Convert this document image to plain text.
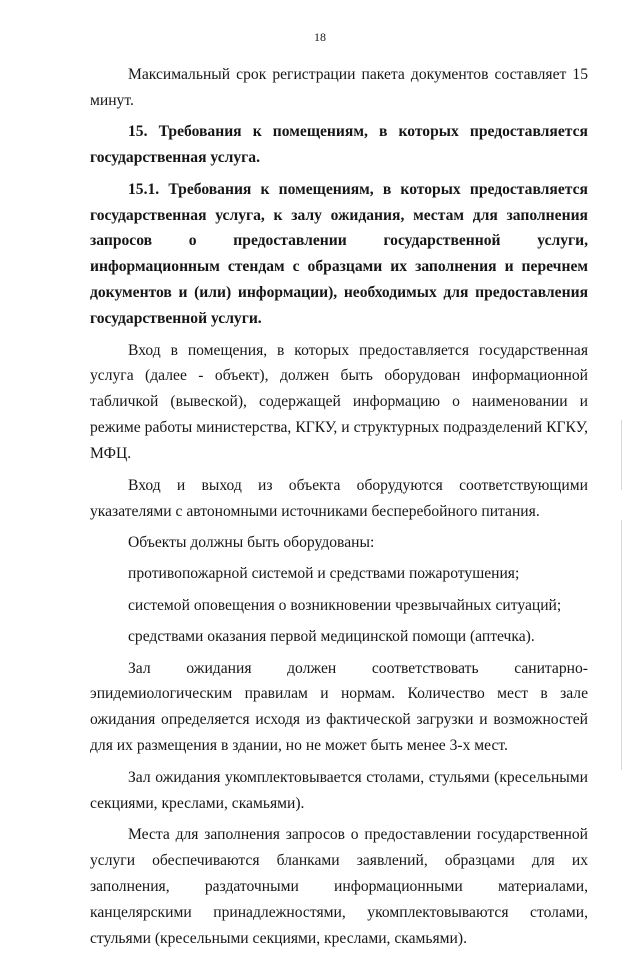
18

Максимальный срок регистрации пакета документов составляет 15 минут.

15. Требования к помещениям, в которых предоставляется государственная услуга.

15.1. Требования к помещениям, в которых предоставляется государственная услуга, к залу ожидания, местам для заполнения запросов о предоставлении государственной услуги, информационным стендам с образцами их заполнения и перечнем документов и (или) информации), необходимых для предоставления государственной услуги.

Вход в помещения, в которых предоставляется государственная услуга (далее - объект), должен быть оборудован информационной табличкой (вывеской), содержащей информацию о наименовании и режиме работы министерства, КГКУ, и структурных подразделений КГКУ, МФЦ.

Вход и выход из объекта оборудуются соответствующими указателями с автономными источниками бесперебойного питания.

Объекты должны быть оборудованы:

противопожарной системой и средствами пожаротушения;

системой оповещения о возникновении чрезвычайных ситуаций;

средствами оказания первой медицинской помощи (аптечка).

Зал ожидания должен соответствовать санитарно-эпидемиологическим правилам и нормам. Количество мест в зале ожидания определяется исходя из фактической загрузки и возможностей для их размещения в здании, но не может быть менее 3-х мест.

Зал ожидания укомплектовывается столами, стульями (кресельными секциями, креслами, скамьями).

Места для заполнения запросов о предоставлении государственной услуги обеспечиваются бланками заявлений, образцами для их заполнения, раздаточными информационными материалами, канцелярскими принадлежностями, укомплектовываются столами, стульями (кресельными секциями, креслами, скамьями).
